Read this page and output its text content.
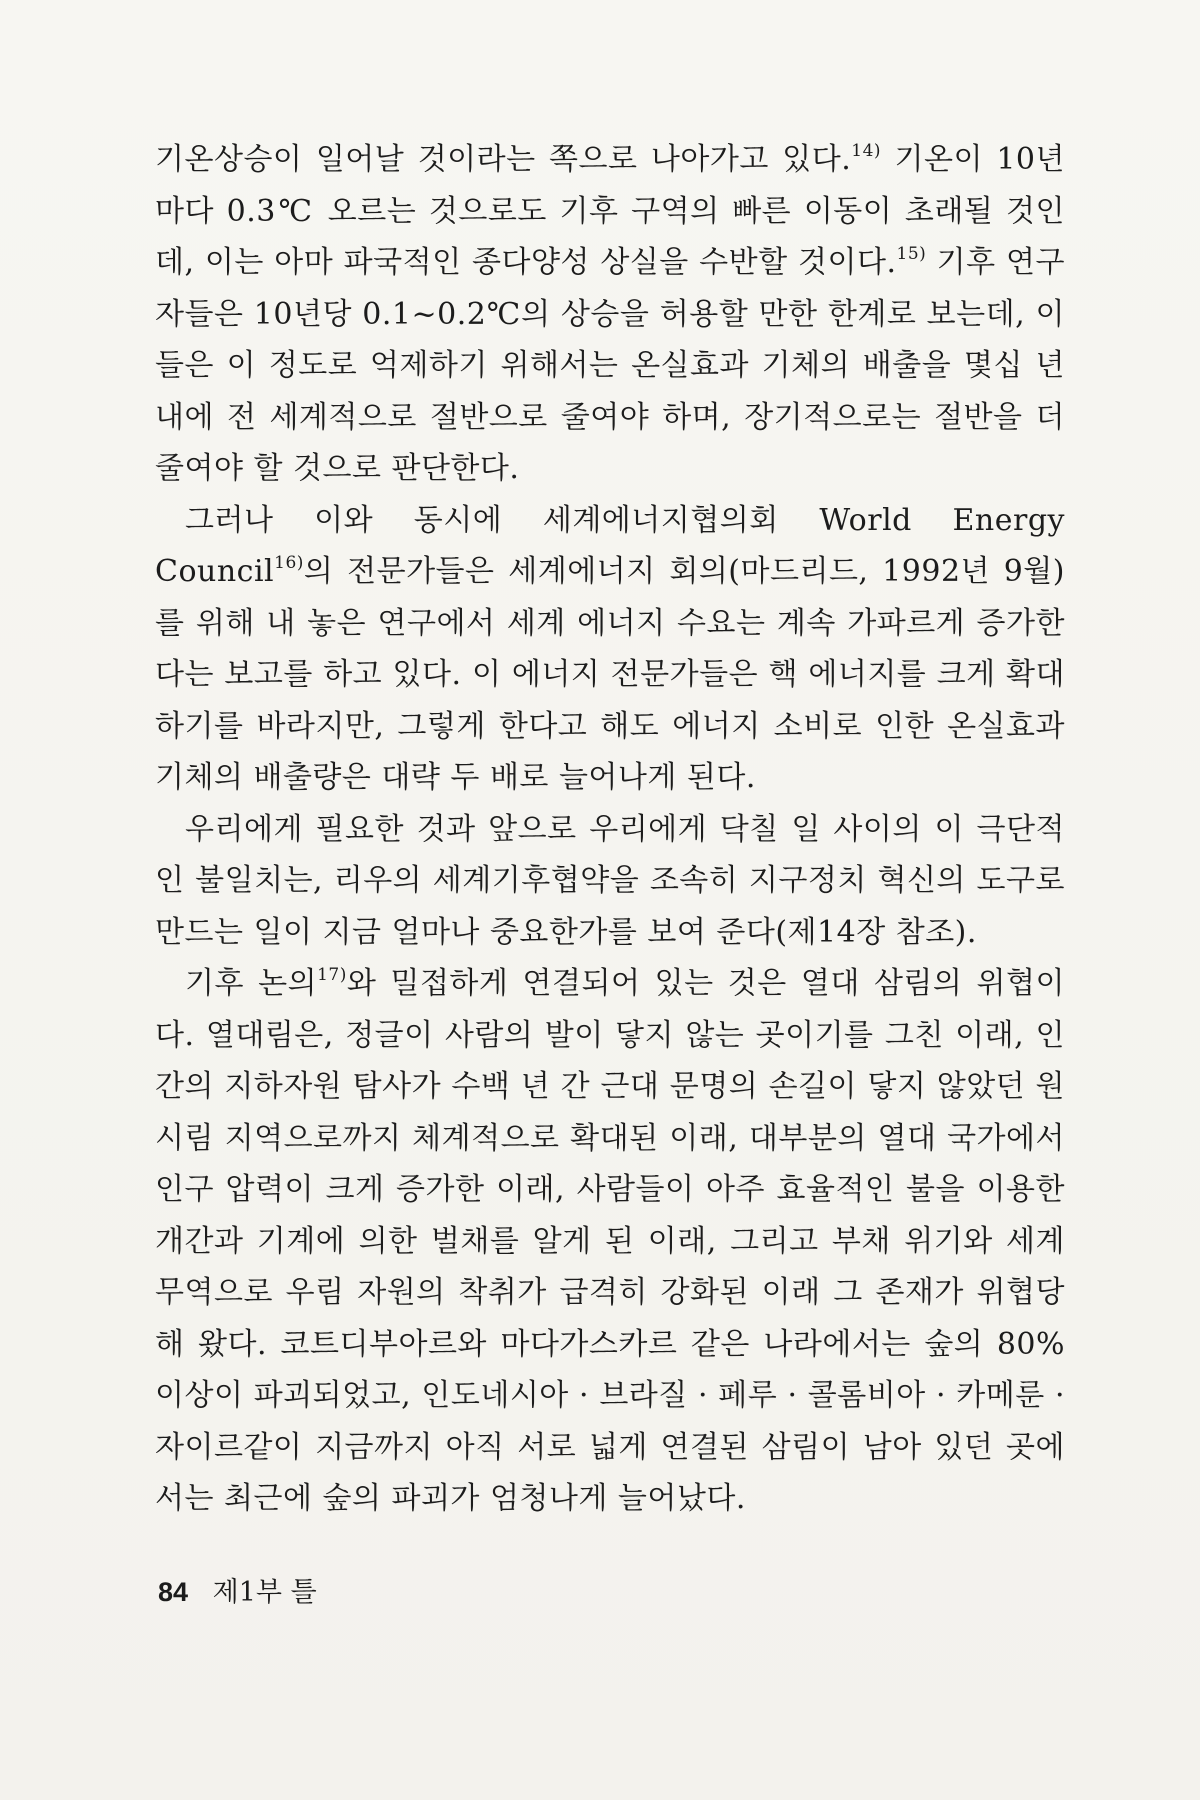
기온상승이 일어날 것이라는 쪽으로 나아가고 있다.$^{14)}$ 기온이 10년마다 0.3℃ 오르는 것으로도 기후 구역의 빠른 이동이 초래될 것인데, 이는 아마 파국적인 종다양성 상실을 수반할 것이다.$^{15)}$ 기후 연구자들은 10년당 0.1~0.2℃의 상승을 허용할 만한 한계로 보는데, 이들은 이 정도로 억제하기 위해서는 온실효과 기체의 배출을 몇십 년 내에 전 세계적으로 절반으로 줄여야 하며, 장기적으로는 절반을 더 줄여야 할 것으로 판단한다.

그러나 이와 동시에 세계에너지협의회 World Energy Council$^{16)}$의 전문가들은 세계에너지 회의(마드리드, 1992년 9월)를 위해 내 놓은 연구에서 세계 에너지 수요는 계속 가파르게 증가한다는 보고를 하고 있다. 이 에너지 전문가들은 핵 에너지를 크게 확대하기를 바라지만, 그렇게 한다고 해도 에너지 소비로 인한 온실효과 기체의 배출량은 대략 두 배로 늘어나게 된다.

우리에게 필요한 것과 앞으로 우리에게 닥칠 일 사이의 이 극단적인 불일치는, 리우의 세계기후협약을 조속히 지구정치 혁신의 도구로 만드는 일이 지금 얼마나 중요한가를 보여 준다(제14장 참조).

기후 논의$^{17)}$와 밀접하게 연결되어 있는 것은 열대 삼림의 위협이다. 열대림은, 정글이 사람의 발이 닿지 않는 곳이기를 그친 이래, 인간의 지하자원 탐사가 수백 년 간 근대 문명의 손길이 닿지 않았던 원시림 지역으로까지 체계적으로 확대된 이래, 대부분의 열대 국가에서 인구 압력이 크게 증가한 이래, 사람들이 아주 효율적인 불을 이용한 개간과 기계에 의한 벌채를 알게 된 이래, 그리고 부채 위기와 세계 무역으로 우림 자원의 착취가 급격히 강화된 이래 그 존재가 위협당해 왔다. 코트디부아르와 마다가스카르 같은 나라에서는 숲의 80% 이상이 파괴되었고, 인도네시아 · 브라질 · 페루 · 콜롬비아 · 카메룬 · 자이르같이 지금까지 아직 서로 넓게 연결된 삼림이 남아 있던 곳에서는 최근에 숲의 파괴가 엄청나게 늘어났다.

84 제1부 틀
